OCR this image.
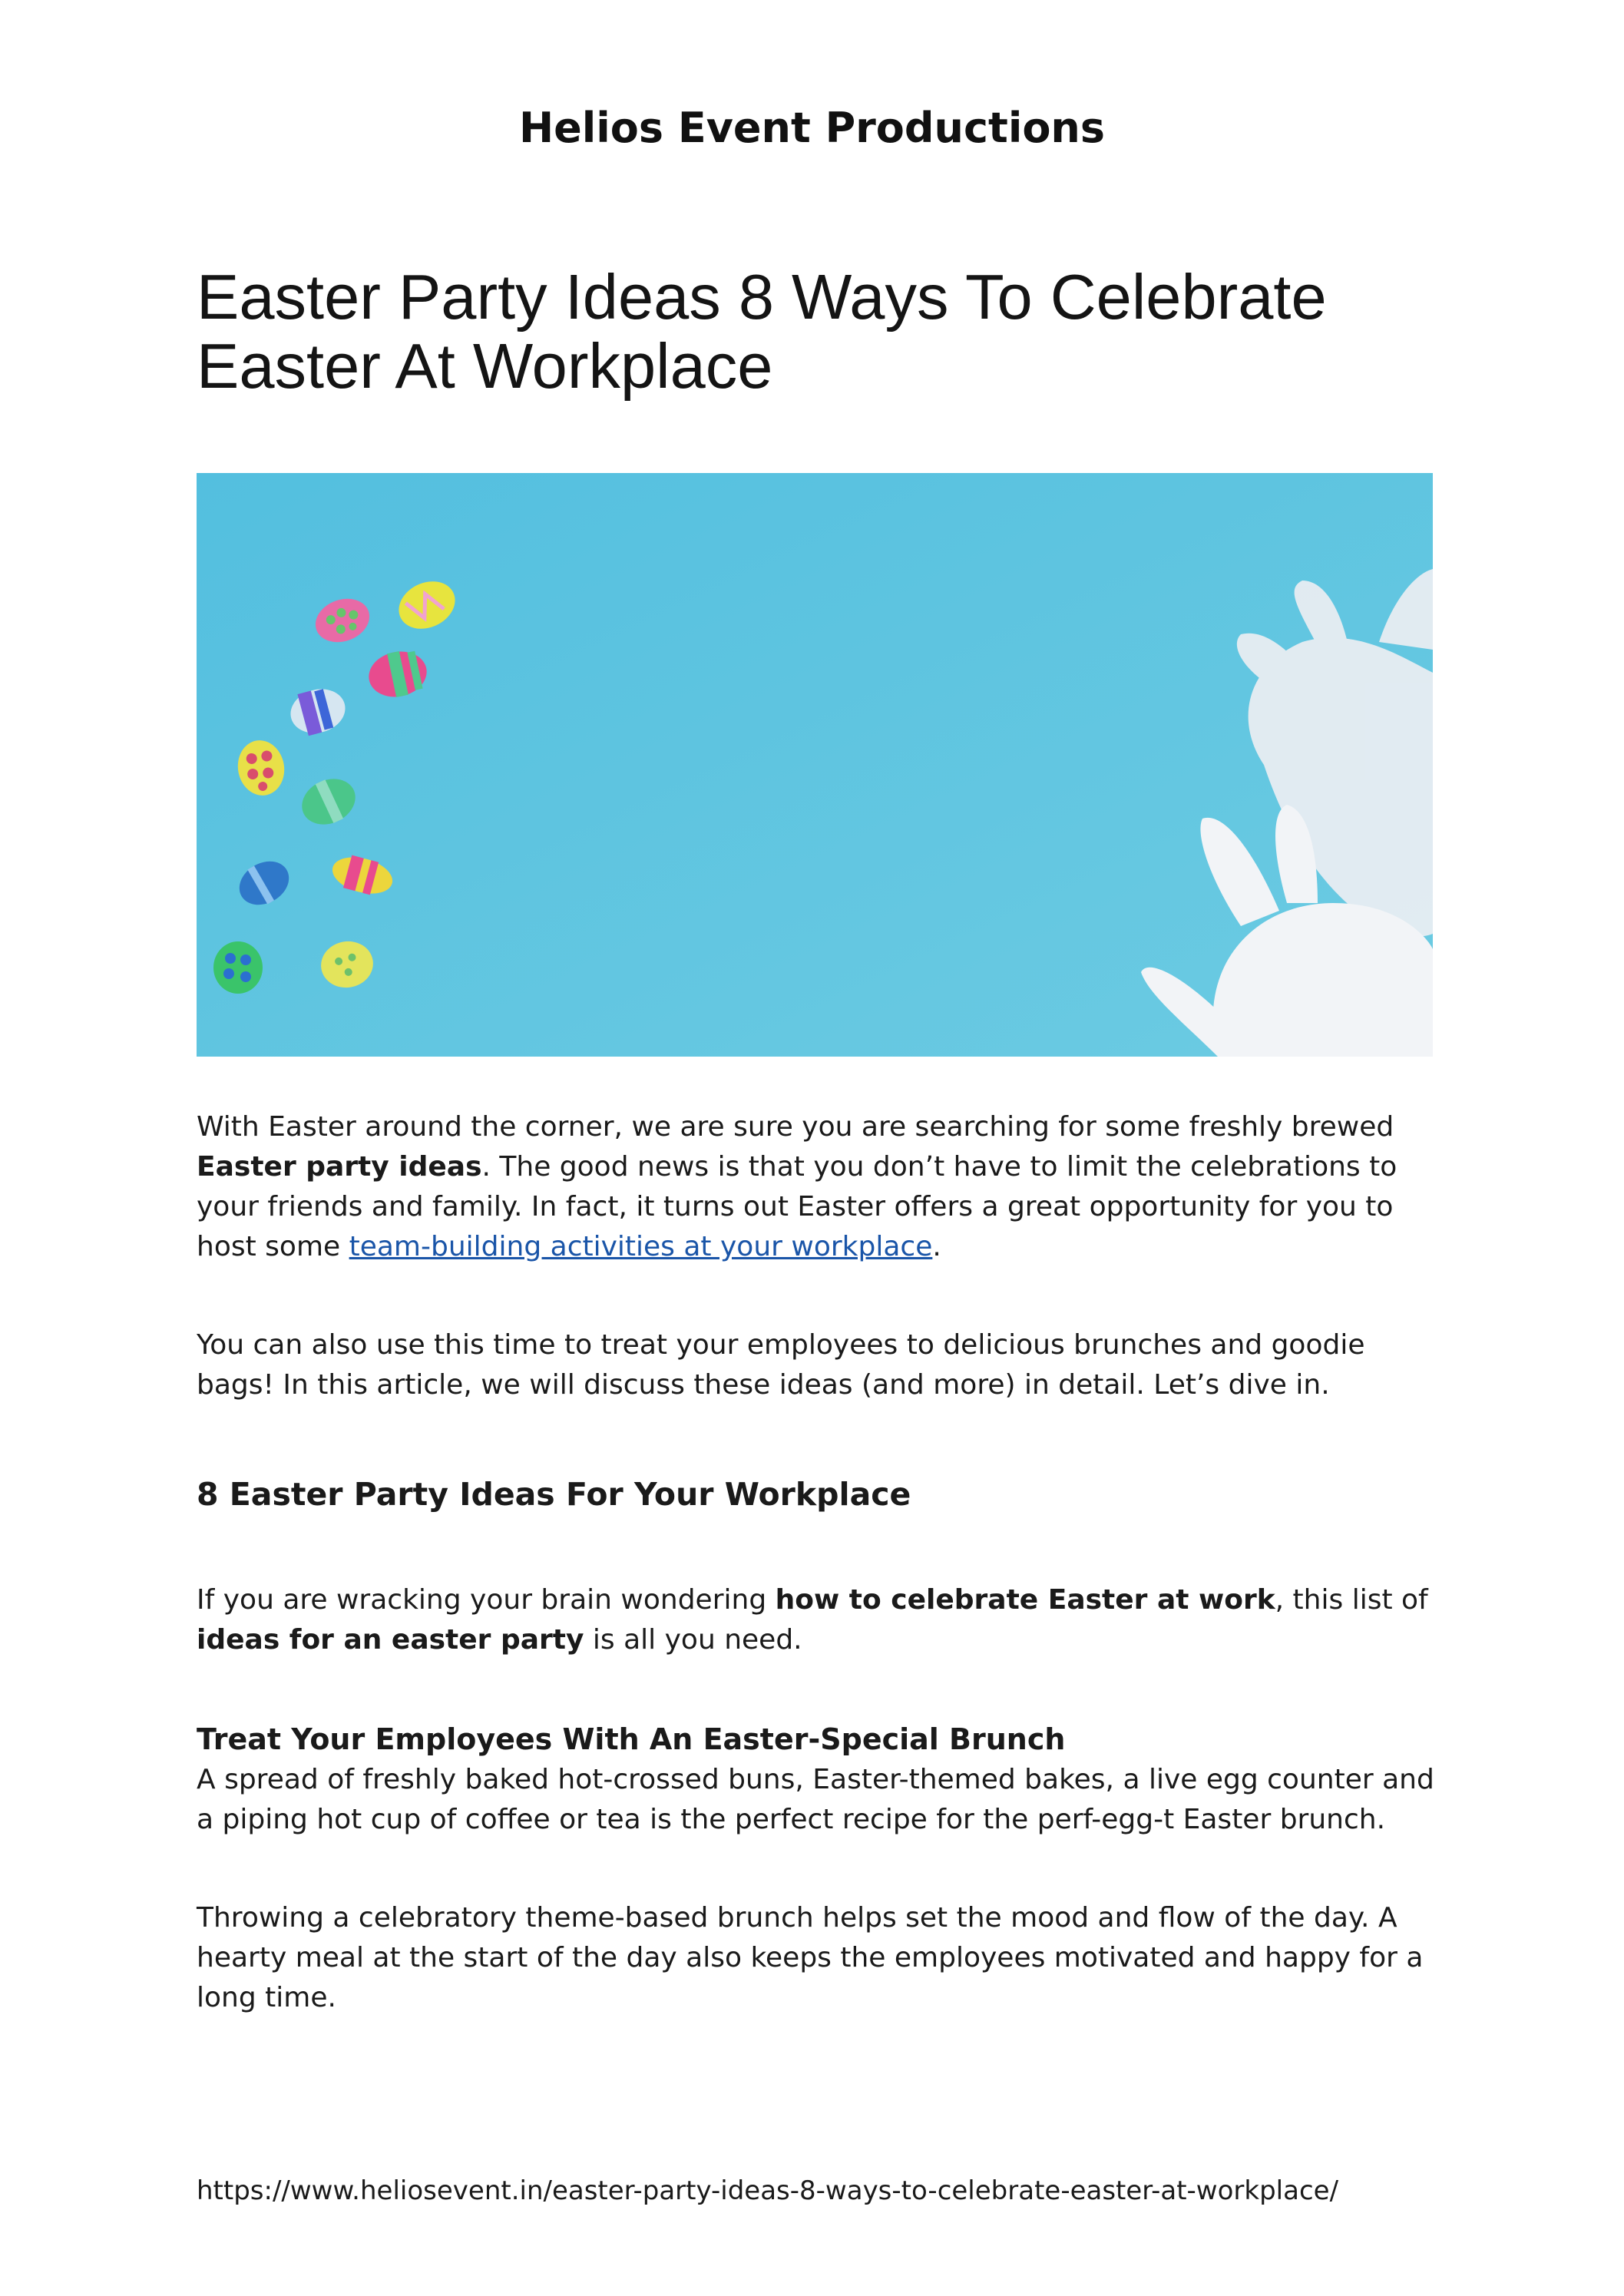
Helios Event Productions
Easter Party Ideas 8 Ways To Celebrate Easter At Workplace

With Easter around the corner, we are sure you are searching for some freshly brewed Easter party ideas. The good news is that you don’t have to limit the celebrations to your friends and family. In fact, it turns out Easter offers a great opportunity for you to host some team-building activities at your workplace.

You can also use this time to treat your employees to delicious brunches and goodie bags! In this article, we will discuss these ideas (and more) in detail. Let’s dive in.

8 Easter Party Ideas For Your Workplace

If you are wracking your brain wondering how to celebrate Easter at work, this list of ideas for an easter party is all you need.

Treat Your Employees With An Easter-Special Brunch

A spread of freshly baked hot-crossed buns, Easter-themed bakes, a live egg counter and a piping hot cup of coffee or tea is the perfect recipe for the perf-egg-t Easter brunch.

Throwing a celebratory theme-based brunch helps set the mood and flow of the day. A hearty meal at the start of the day also keeps the employees motivated and happy for a long time.

https://www.heliosevent.in/easter-party-ideas-8-ways-to-celebrate-easter-at-workplace/
